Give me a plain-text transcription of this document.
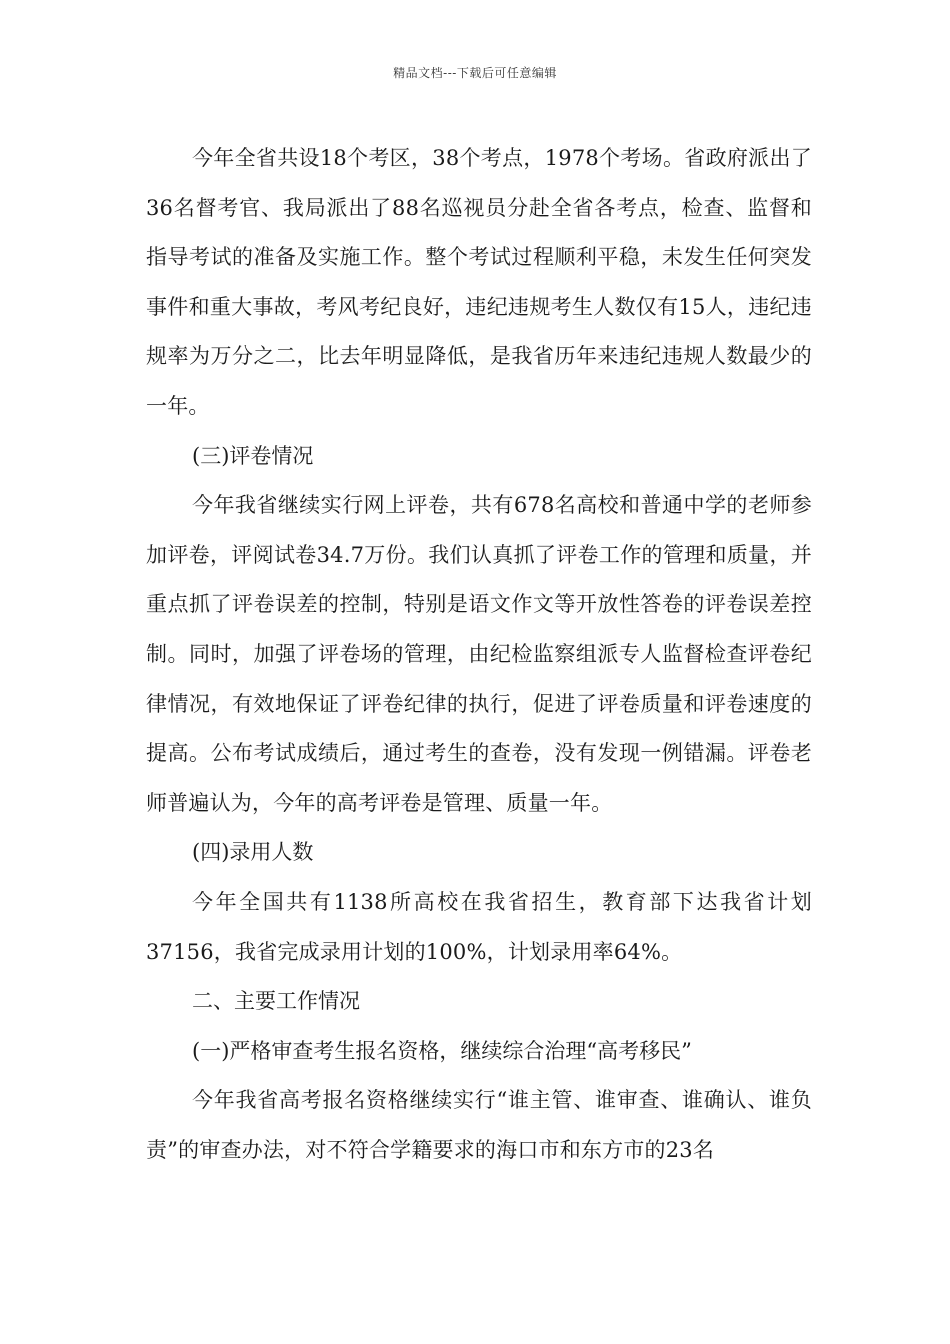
精品文档---下载后可任意编辑

今年全省共设18个考区，38个考点，1978个考场。省政府派出了36名督考官、我局派出了88名巡视员分赴全省各考点，检查、监督和指导考试的准备及实施工作。整个考试过程顺利平稳，未发生任何突发事件和重大事故，考风考纪良好，违纪违规考生人数仅有15人，违纪违规率为万分之二，比去年明显降低，是我省历年来违纪违规人数最少的一年。

(三)评卷情况

今年我省继续实行网上评卷，共有678名高校和普通中学的老师参加评卷，评阅试卷34.7万份。我们认真抓了评卷工作的管理和质量，并重点抓了评卷误差的控制，特别是语文作文等开放性答卷的评卷误差控制。同时，加强了评卷场的管理，由纪检监察组派专人监督检查评卷纪律情况，有效地保证了评卷纪律的执行，促进了评卷质量和评卷速度的提高。公布考试成绩后，通过考生的查卷，没有发现一例错漏。评卷老师普遍认为，今年的高考评卷是管理、质量一年。

(四)录用人数

今年全国共有1138所高校在我省招生，教育部下达我省计划37156，我省完成录用计划的100%，计划录用率64%。

二、主要工作情况

(一)严格审查考生报名资格，继续综合治理“高考移民”

今年我省高考报名资格继续实行“谁主管、谁审查、谁确认、谁负责”的审查办法，对不符合学籍要求的海口市和东方市的23名
